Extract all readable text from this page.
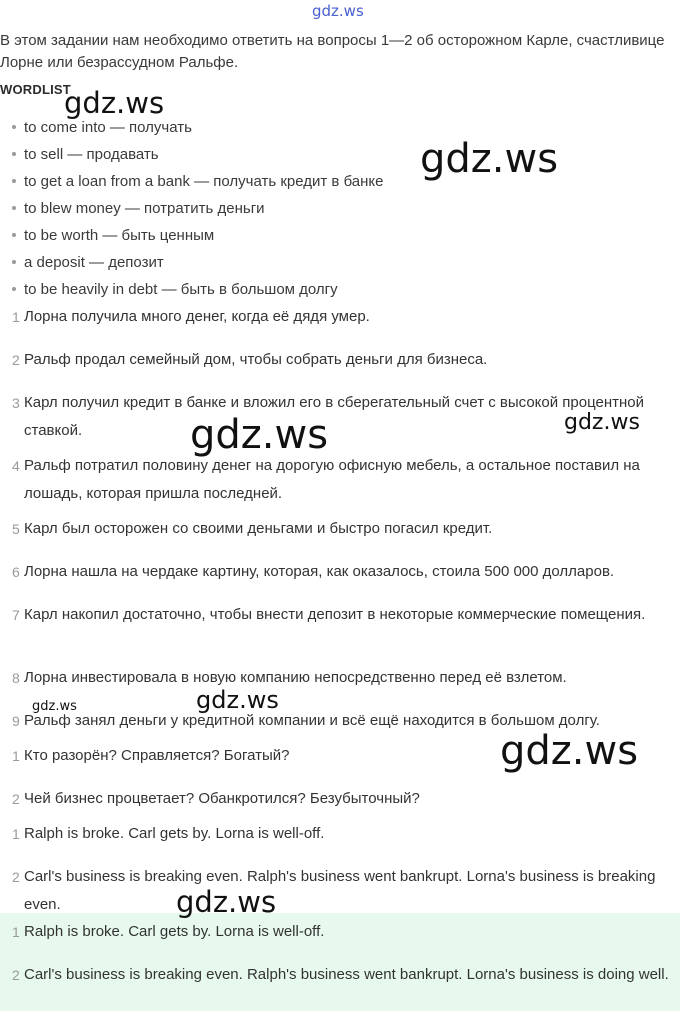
gdz.ws
В этом задании нам необходимо ответить на вопросы 1—2 об осторожном Карле, счастливице Лорне или безрассудном Ральфе.
WORDLIST
to come into — получать
to sell — продавать
to get a loan from a bank — получать кредит в банке
to blew money — потратить деньги
to be worth — быть ценным
a deposit — депозит
to be heavily in debt — быть в большом долгу
1 Лорна получила много денег, когда её дядя умер.
2 Ральф продал семейный дом, чтобы собрать деньги для бизнеса.
3 Карл получил кредит в банке и вложил его в сберегательный счет с высокой процентной ставкой.
4 Ральф потратил половину денег на дорогую офисную мебель, а остальное поставил на лошадь, которая пришла последней.
5 Карл был осторожен со своими деньгами и быстро погасил кредит.
6 Лорна нашла на чердаке картину, которая, как оказалось, стоила 500 000 долларов.
7 Карл накопил достаточно, чтобы внести депозит в некоторые коммерческие помещения.
8 Лорна инвестировала в новую компанию непосредственно перед её взлетом.
9 Ральф занял деньги у кредитной компании и всё ещё находится в большом долгу.
1 Кто разорён? Справляется? Богатый?
2 Чей бизнес процветает? Обанкротился? Безубыточный?
1 Ralph is broke. Carl gets by. Lorna is well-off.
2 Carl's business is breaking even. Ralph's business went bankrupt. Lorna's business is breaking even.
1 Ralph is broke. Carl gets by. Lorna is well-off.
2 Carl's business is breaking even. Ralph's business went bankrupt. Lorna's business is doing well.
gdz.ws
gdz.ws
gdz.ws	gdz.ws
gdz.ws	gdz.ws
gdz.ws
gdz.ws
